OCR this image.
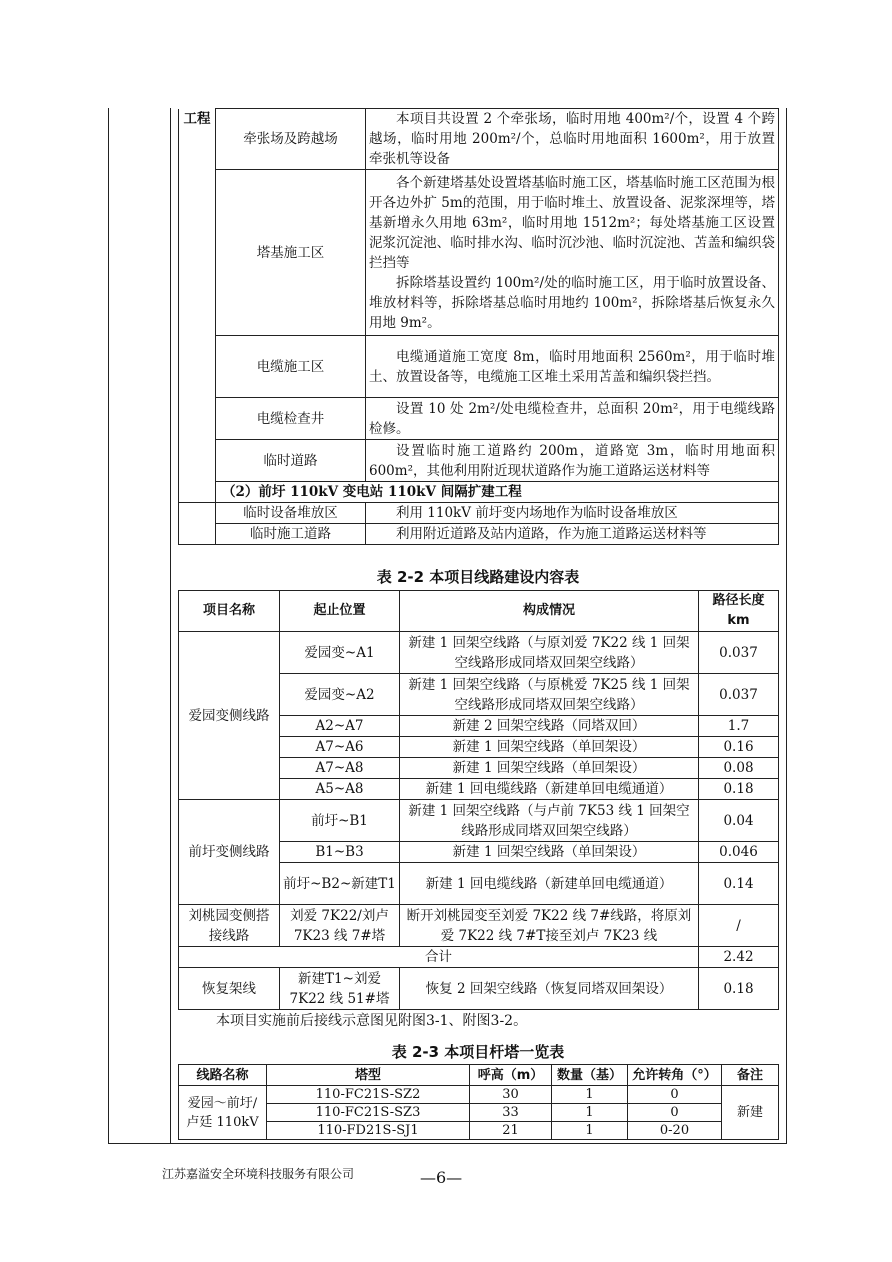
工程	牵张场及跨越场	本项目共设置 2 个牵张场，临时用地 400m²/个，设置 4 个跨越场，临时用地 200m²/个，总临时用地面积 1600m²，用于放置牵张机等设备
	塔基施工区	各个新建塔基处设置塔基临时施工区，塔基临时施工区范围为根开各边外扩 5m的范围，用于临时堆土、放置设备、泥浆深埋等，塔基新增永久用地 63m²，临时用地 1512m²；每处塔基施工区设置泥浆沉淀池、临时排水沟、临时沉沙池、临时沉淀池、苫盖和编织袋拦挡等
拆除塔基设置约 100m²/处的临时施工区，用于临时放置设备、堆放材料等，拆除塔基总临时用地约 100m²，拆除塔基后恢复永久用地 9m²。

	电缆施工区	电缆通道施工宽度 8m，临时用地面积 2560m²，用于临时堆土、放置设备等，电缆施工区堆土采用苫盖和编织袋拦挡。
	电缆检查井	设置 10 处 2m²/处电缆检查井，总面积 20m²，用于电缆线路检修。
	临时道路	设置临时施工道路约 200m，道路宽 3m，临时用地面积 600m²，其他利用附近现状道路作为施工道路运送材料等
	（2）前圩 110kV 变电站 110kV 间隔扩建工程	
	临时设备堆放区	利用 110kV 前圩变内场地作为临时设备堆放区
	临时施工道路	利用附近道路及站内道路，作为施工道路运送材料等
表 2-2 本项目线路建设内容表
项目名称	起止位置	构成情况	路径长度 km
爱园变侧线路	爱园变~A1	新建 1 回架空线路（与原刘爱 7K22 线 1 回架空线路形成同塔双回架空线路）	0.037
	爱园变~A2	新建 1 回架空线路（与原桃爱 7K25 线 1 回架空线路形成同塔双回架空线路）	0.037
	A2~A7	新建 2 回架空线路（同塔双回）	1.7
	A7~A6	新建 1 回架空线路（单回架设）	0.16
	A7~A8	新建 1 回架空线路（单回架设）	0.08
	A5~A8	新建 1 回电缆线路（新建单回电缆通道）	0.18
前圩变侧线路	前圩~B1	新建 1 回架空线路（与卢前 7K53 线 1 回架空线路形成同塔双回架空线路）	0.04
	B1~B3	新建 1 回架空线路（单回架设）	0.046
	前圩~B2~新建T1	新建 1 回电缆线路（新建单回电缆通道）	0.14
刘桃园变侧搭接线路	刘爱 7K22/刘卢 7K23 线 7#塔	断开刘桃园变至刘爱 7K22 线 7#线路，将原刘爱 7K22 线 7#T接至刘卢 7K23 线	/
合计			2.42
恢复架线	新建T1~刘爱 7K22 线 51#塔	恢复 2 回架空线路（恢复同塔双回架设）	0.18
本项目实施前后接线示意图见附图3-1、附图3-2。
表 2-3 本项目杆塔一览表
线路名称	塔型	呼高（m）	数量（基）	允许转角（°）	备注
爱园～前圩/卢廷 110kV	110-FC21S-SZ2	30	1	0	新建
	110-FC21S-SZ3	33	1	0	
	110-FD21S-SJ1	21	1	0-20	
江苏嘉溢安全环境科技服务有限公司	—6—
